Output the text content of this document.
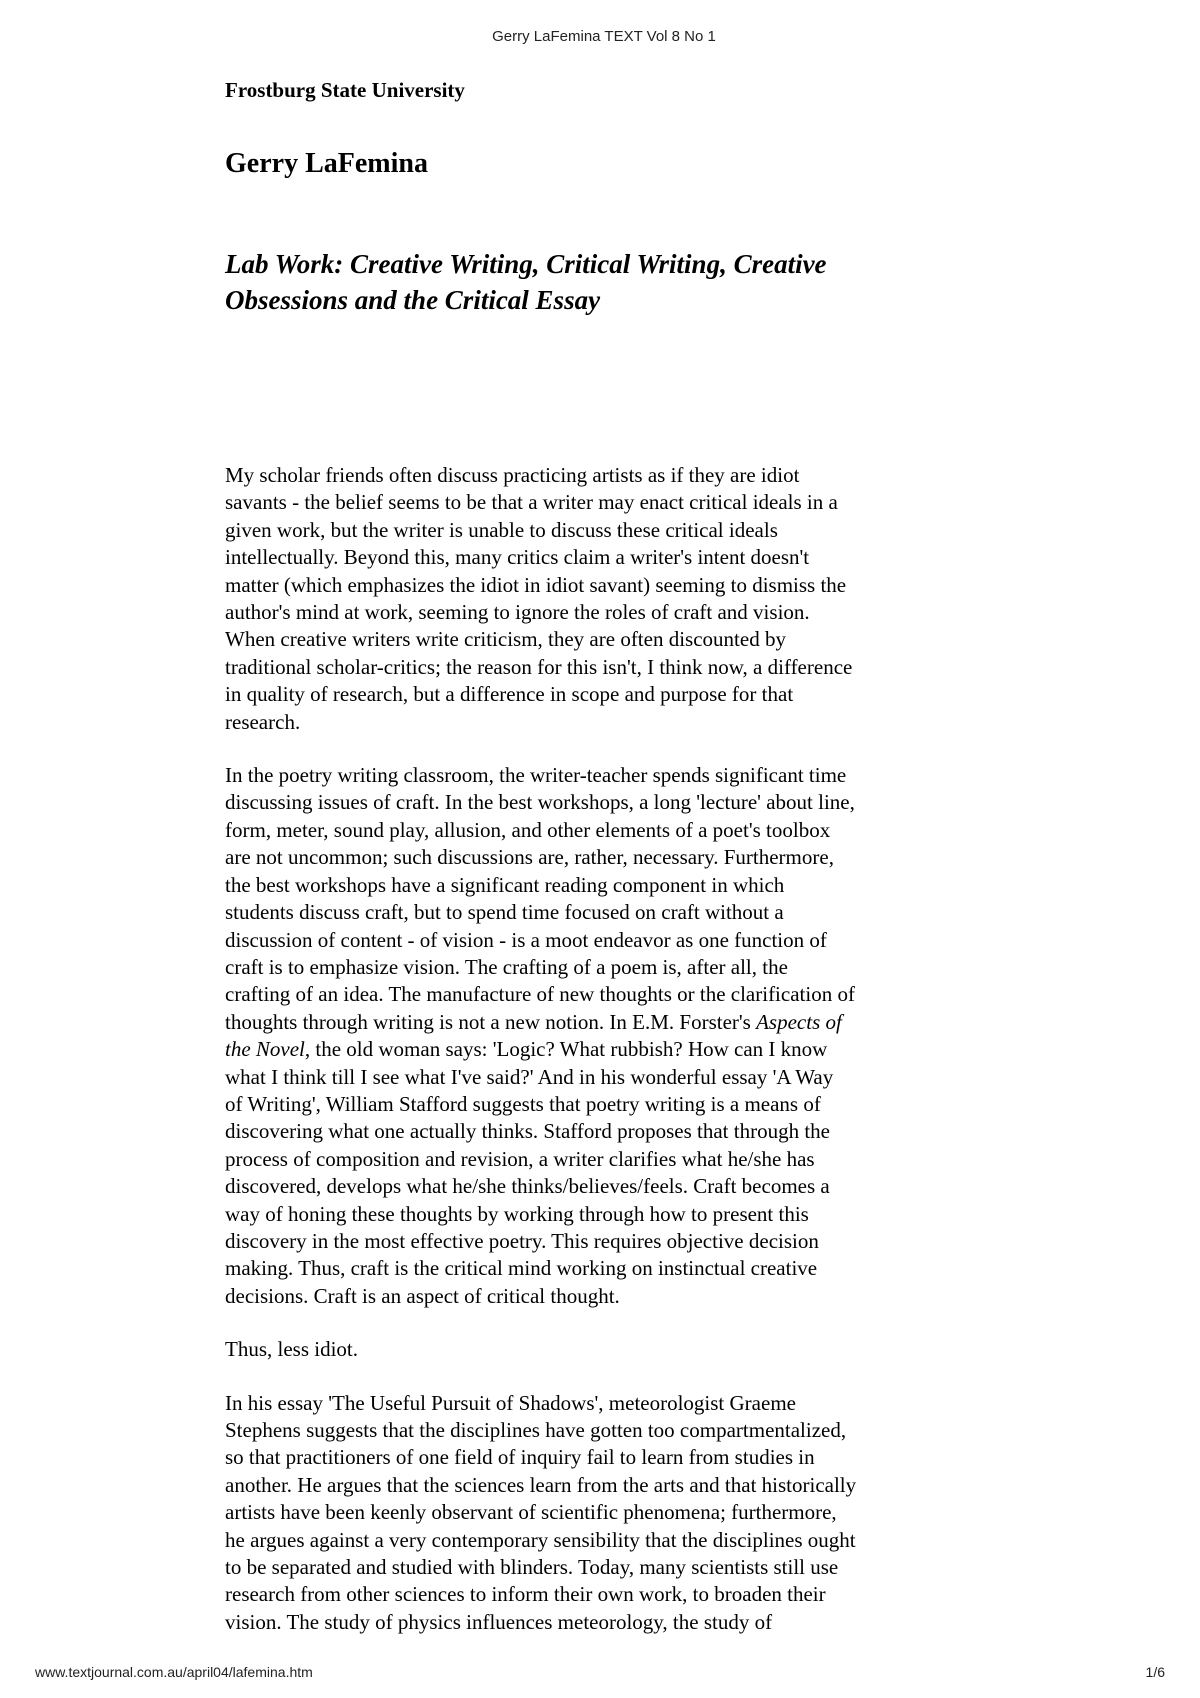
Gerry LaFemina TEXT Vol 8 No 1

Frostburg State University

Gerry LaFemina
Lab Work: Creative Writing, Critical Writing, Creative
Obsessions and the Critical Essay

My scholar friends often discuss practicing artists as if they are idiot
savants - the belief seems to be that a writer may enact critical ideals in a
given work, but the writer is unable to discuss these critical ideals
intellectually. Beyond this, many critics claim a writer's intent doesn't
matter (which emphasizes the idiot in idiot savant) seeming to dismiss the
author's mind at work, seeming to ignore the roles of craft and vision.
When creative writers write criticism, they are often discounted by
traditional scholar-critics; the reason for this isn't, I think now, a difference
in quality of research, but a difference in scope and purpose for that
research.

In the poetry writing classroom, the writer-teacher spends significant time
discussing issues of craft. In the best workshops, a long 'lecture' about line,
form, meter, sound play, allusion, and other elements of a poet's toolbox
are not uncommon; such discussions are, rather, necessary. Furthermore,
the best workshops have a significant reading component in which
students discuss craft, but to spend time focused on craft without a
discussion of content - of vision - is a moot endeavor as one function of
craft is to emphasize vision. The crafting of a poem is, after all, the
crafting of an idea. The manufacture of new thoughts or the clarification of
thoughts through writing is not a new notion. In E.M. Forster's Aspects of
the Novel, the old woman says: 'Logic? What rubbish? How can I know
what I think till I see what I've said?' And in his wonderful essay 'A Way
of Writing', William Stafford suggests that poetry writing is a means of
discovering what one actually thinks. Stafford proposes that through the
process of composition and revision, a writer clarifies what he/she has
discovered, develops what he/she thinks/believes/feels. Craft becomes a
way of honing these thoughts by working through how to present this
discovery in the most effective poetry. This requires objective decision
making. Thus, craft is the critical mind working on instinctual creative
decisions. Craft is an aspect of critical thought.

Thus, less idiot.

In his essay 'The Useful Pursuit of Shadows', meteorologist Graeme
Stephens suggests that the disciplines have gotten too compartmentalized,
so that practitioners of one field of inquiry fail to learn from studies in
another. He argues that the sciences learn from the arts and that historically
artists have been keenly observant of scientific phenomena; furthermore,
he argues against a very contemporary sensibility that the disciplines ought
to be separated and studied with blinders. Today, many scientists still use
research from other sciences to inform their own work, to broaden their
vision. The study of physics influences meteorology, the study of

www.textjournal.com.au/april04/lafemina.htm	1/6
